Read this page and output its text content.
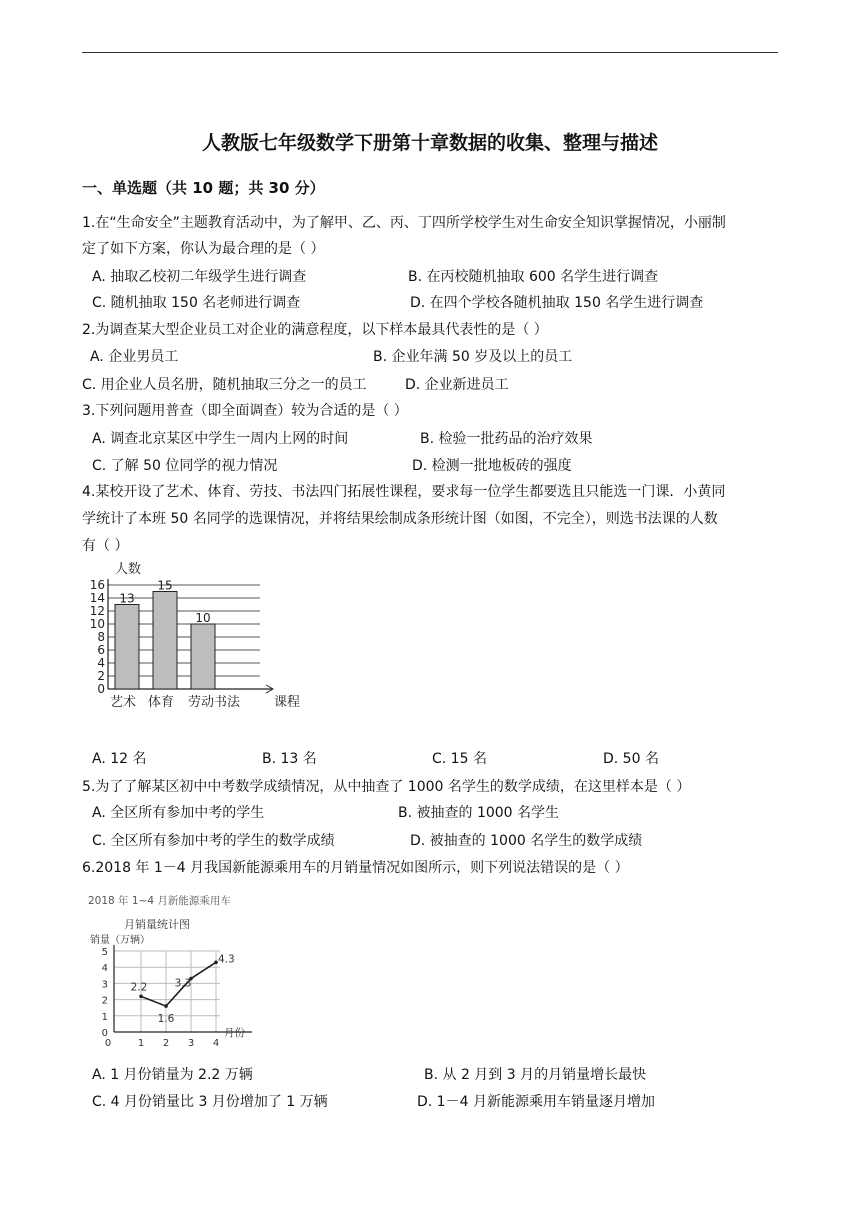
人教版七年级数学下册第十章数据的收集、整理与描述
一、单选题（共 10 题；共 30 分）
1.在“生命安全”主题教育活动中，为了解甲、乙、丙、丁四所学校学生对生命安全知识掌握情况，小丽制
定了如下方案，你认为最合理的是（ ）
A. 抽取乙校初二年级学生进行调查	B. 在丙校随机抽取 600 名学生进行调查
C. 随机抽取 150 名老师进行调查	D. 在四个学校各随机抽取 150 名学生进行调查
2.为调查某大型企业员工对企业的满意程度，以下样本最具代表性的是（ ）
A. 企业男员工	B. 企业年满 50 岁及以上的员工
C. 用企业人员名册，随机抽取三分之一的员工	D. 企业新进员工
3.下列问题用普查（即全面调查）较为合适的是（ ）
A. 调查北京某区中学生一周内上网的时间	B. 检验一批药品的治疗效果
C. 了解 50 位同学的视力情况	D. 检测一批地板砖的强度
4.某校开设了艺术、体育、劳技、书法四门拓展性课程，要求每一位学生都要选且只能选一门课．小黄同
学统计了本班 50 名同学的选课情况，并将结果绘制成条形统计图（如图，不完全），则选书法课的人数
有（ ）
0
2
4
6
8
10
12
14
16
人数
课程
13
15
10
艺术 体育 劳动书法
A. 12 名	B. 13 名	C. 15 名	D. 50 名
5.为了了解某区初中中考数学成绩情况，从中抽查了 1000 名学生的数学成绩，在这里样本是（ ）
A. 全区所有参加中考的学生	B. 被抽查的 1000 名学生
C. 全区所有参加中考的学生的数学成绩	D. 被抽查的 1000 名学生的数学成绩
6.2018 年 1－4 月我国新能源乘用车的月销量情况如图所示，则下列说法错误的是（ ）
2018 年 1~4 月新能源乘用车
月销量统计图
销量（万辆）
0
1
2
3
4
5
月份
0	1 2 3 4
2.2
1.6
3.3
4.3
A. 1 月份销量为 2.2 万辆	B. 从 2 月到 3 月的月销量增长最快
C. 4 月份销量比 3 月份增加了 1 万辆	D. 1－4 月新能源乘用车销量逐月增加
